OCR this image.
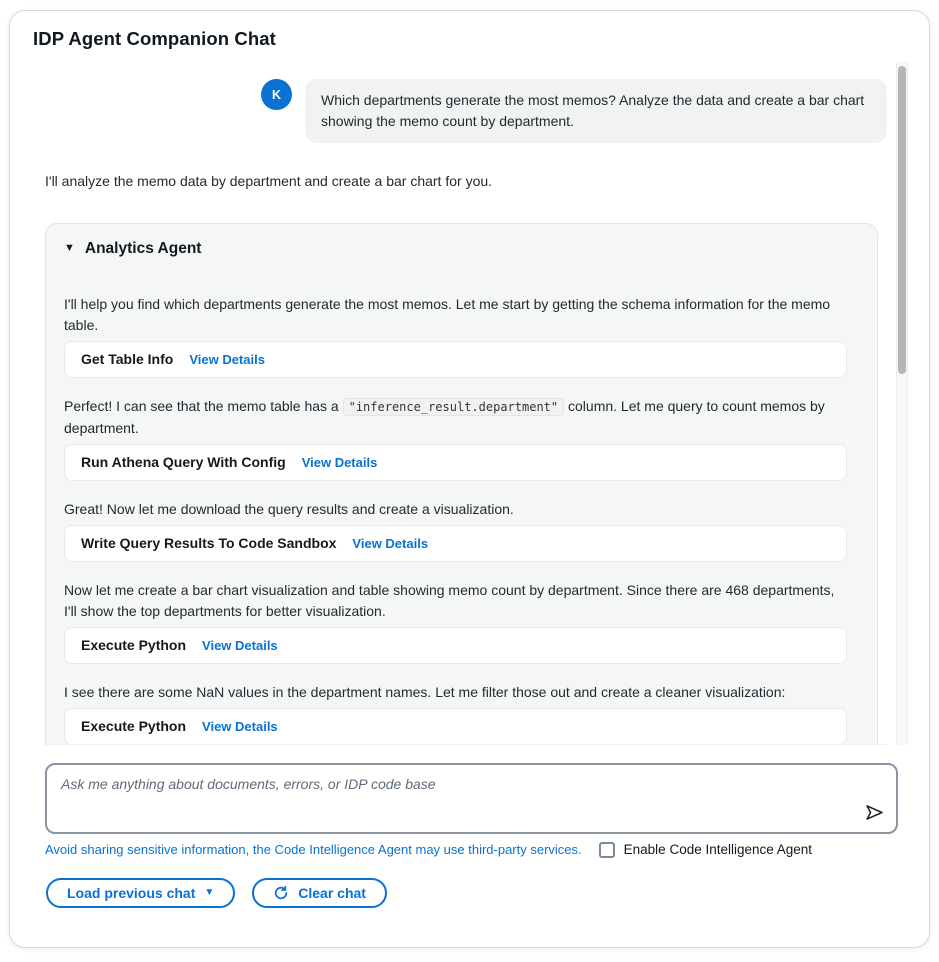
IDP Agent Companion Chat
K	Which departments generate the most memos? Analyze the data and create a bar chart showing the memo count by department.

I'll analyze the memo data by department and create a bar chart for you.

▼ Analytics Agent

I'll help you find which departments generate the most memos. Let me start by getting the schema information for the memo table.

Get Table Info View Details

Perfect! I can see that the memo table has a "inference_result.department" column. Let me query to count memos by department.

Run Athena Query With Config View Details

Great! Now let me download the query results and create a visualization.

Write Query Results To Code Sandbox View Details

Now let me create a bar chart visualization and table showing memo count by department. Since there are 468 departments, I'll show the top departments for better visualization.

Execute Python View Details

I see there are some NaN values in the department names. Let me filter those out and create a cleaner visualization:

Execute Python View Details
Ask me anything about documents, errors, or IDP code base
Avoid sharing sensitive information, the Code Intelligence Agent may use third-party services.	Enable Code Intelligence Agent
Load previous chat ▼	Clear chat
